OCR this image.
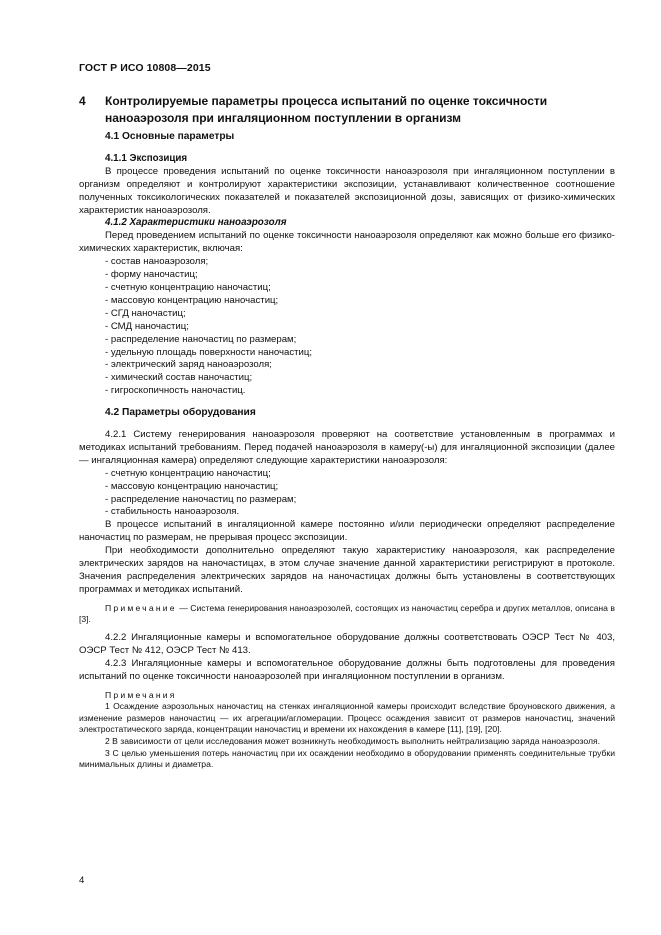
ГОСТ Р ИСО 10808—2015
4 Контролируемые параметры процесса испытаний по оценке токсичности
наноаэрозоля при ингаляционном поступлении в организм

4.1 Основные параметры

4.1.1 Экспозиция

В процессе проведения испытаний по оценке токсичности наноаэрозоля при ингаляционном поступлении в организм определяют и контролируют характеристики экспозиции, устанавливают количественное соотношение полученных токсикологических показателей и показателей экспозиционной дозы, зависящих от физико-химических характеристик наноаэрозоля.

4.1.2 Характеристики наноаэрозоля

Перед проведением испытаний по оценке токсичности наноаэрозоля определяют как можно больше его физико-химических характеристик, включая:

- состав наноаэрозоля;

- форму наночастиц;

- счетную концентрацию наночастиц;

- массовую концентрацию наночастиц;

- СГД наночастиц;

- СМД наночастиц;

- распределение наночастиц по размерам;

- удельную площадь поверхности наночастиц;

- электрический заряд наноаэрозоля;

- химический состав наночастиц;

- гигроскопичность наночастиц.

4.2 Параметры оборудования

4.2.1 Систему генерирования наноаэрозоля проверяют на соответствие установленным в программах и методиках испытаний требованиям. Перед подачей наноаэрозоля в камеру(-ы) для ингаляционной экспозиции (далее — ингаляционная камера) определяют следующие характеристики наноаэрозоля:

- счетную концентрацию наночастиц;

- массовую концентрацию наночастиц;

- распределение наночастиц по размерам;

- стабильность наноаэрозоля.

В процессе испытаний в ингаляционной камере постоянно и/или периодически определяют распределение наночастиц по размерам, не прерывая процесс экспозиции.

При необходимости дополнительно определяют такую характеристику наноаэрозоля, как распределение электрических зарядов на наночастицах, в этом случае значение данной характеристики регистрируют в протоколе. Значения распределения электрических зарядов на наночастицах должны быть установлены в соответствующих программах и методиках испытаний.

Примечание — Система генерирования наноаэрозолей, состоящих из наночастиц серебра и других металлов, описана в [3].

4.2.2 Ингаляционные камеры и вспомогательное оборудование должны соответствовать ОЭСР Тест № 403, ОЭСР Тест № 412, ОЭСР Тест № 413.

4.2.3 Ингаляционные камеры и вспомогательное оборудование должны быть подготовлены для проведения испытаний по оценке токсичности наноаэрозолей при ингаляционном поступлении в организм.

Примечания

1 Осаждение аэрозольных наночастиц на стенках ингаляционной камеры происходит вследствие броуновского движения, а изменение размеров наночастиц — их агрегации/агломерации. Процесс осаждения зависит от размеров наночастиц, значений электростатического заряда, концентрации наночастиц и времени их нахождения в камере [11], [19], [20].

2 В зависимости от цели исследования может возникнуть необходимость выполнить нейтрализацию заряда наноаэрозоля.

3 С целью уменьшения потерь наночастиц при их осаждении необходимо в оборудовании применять соединительные трубки минимальных длины и диаметра.

4
